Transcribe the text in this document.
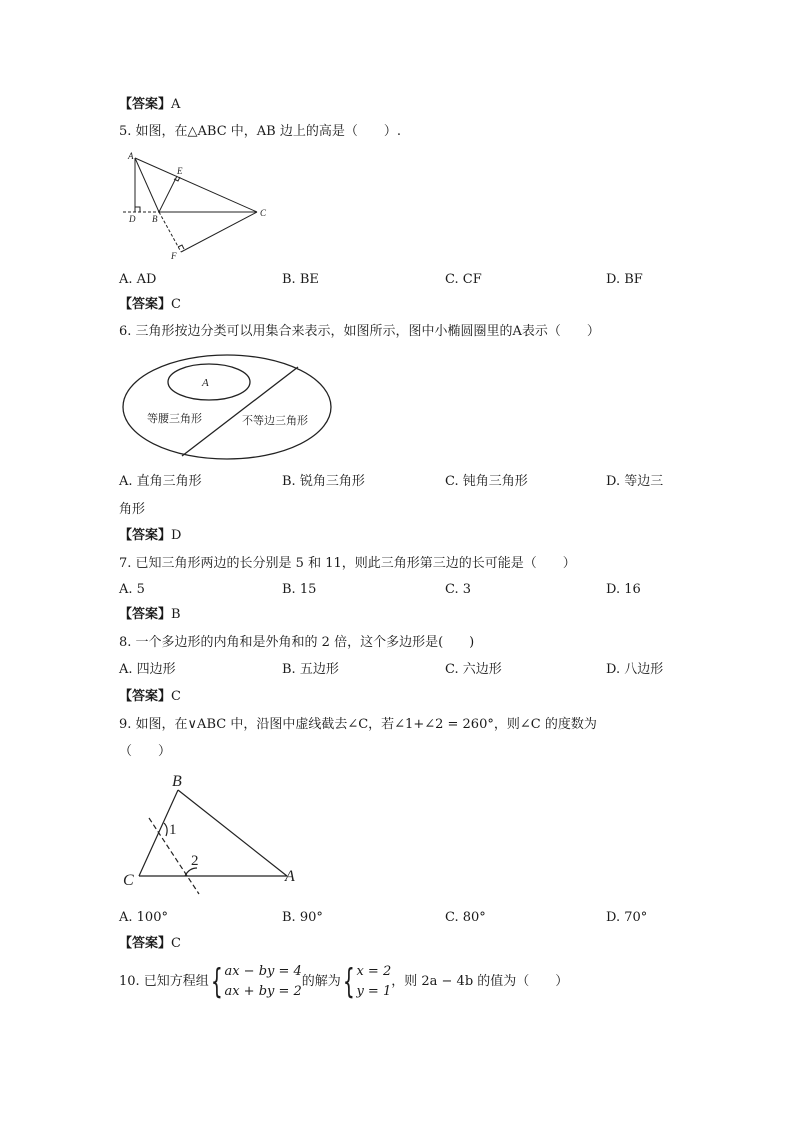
【答案】A
5. 如图，在△ABC 中，AB 边上的高是（　　）.
A
E
D B
C
F
A. AD	B. BE	C. CF	D. BF
【答案】C
6. 三角形按边分类可以用集合来表示，如图所示，图中小椭圆圈里的A表示（　　）
A
等腰三角形	不等边三角形
A. 直角三角形	B. 锐角三角形	C. 钝角三角形	D. 等边三
角形
【答案】D
7. 已知三角形两边的长分别是 5 和 11，则此三角形第三边的长可能是（　　）
A. 5	B. 15	C. 3	D. 16
【答案】B
8. 一个多边形的内角和是外角和的 2 倍，这个多边形是(　　)
A. 四边形	B. 五边形	C. 六边形	D. 八边形
【答案】C
9. 如图，在∨ABC 中，沿图中虚线截去∠C，若∠1+∠2 = 260°，则∠C 的度数为
（　　）
B
C	A
1
2
A. 100°	B. 90°	C. 80°	D. 70°
【答案】C
10. 已知方程组{ ax − by = 4
ax + by = 2
的解为{ x = 2
y = 1
，则 2a − 4b 的值为（　　）
